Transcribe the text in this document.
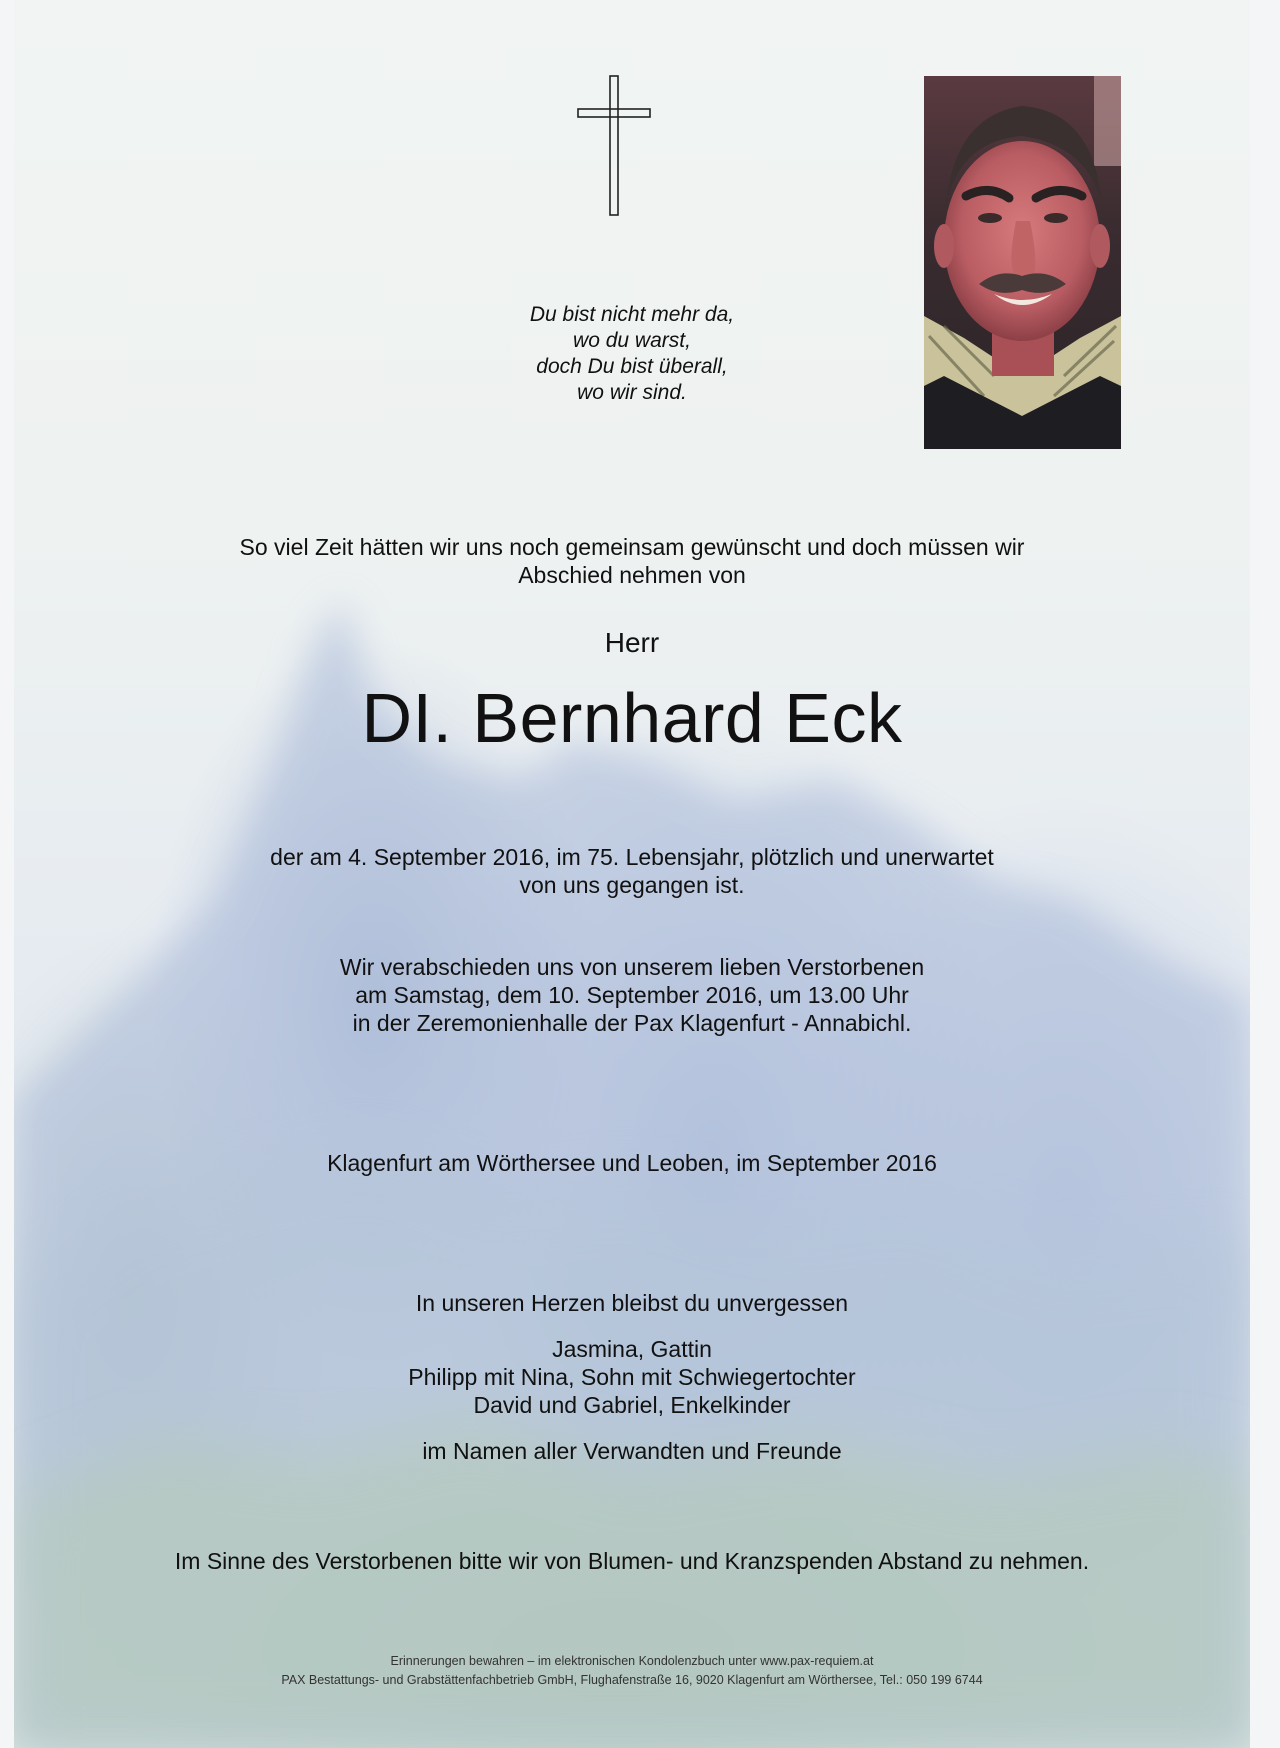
Du bist nicht mehr da,
wo du warst,
doch Du bist überall,
wo wir sind.
So viel Zeit hätten wir uns noch gemeinsam gewünscht und doch müssen wir
Abschied nehmen von
Herr
DI. Bernhard Eck
der am 4. September 2016, im 75. Lebensjahr, plötzlich und unerwartet
von uns gegangen ist.
Wir verabschieden uns von unserem lieben Verstorbenen
am Samstag, dem 10. September 2016, um 13.00 Uhr
in der Zeremonienhalle der Pax Klagenfurt - Annabichl.
Klagenfurt am Wörthersee und Leoben, im September 2016
In unseren Herzen bleibst du unvergessen
Jasmina, Gattin
Philipp mit Nina, Sohn mit Schwiegertochter
David und Gabriel, Enkelkinder
im Namen aller Verwandten und Freunde
Im Sinne des Verstorbenen bitte wir von Blumen- und Kranzspenden Abstand zu nehmen.
Erinnerungen bewahren – im elektronischen Kondolenzbuch unter www.pax-requiem.at
PAX Bestattungs- und Grabstättenfachbetrieb GmbH, Flughafenstraße 16, 9020 Klagenfurt am Wörthersee, Tel.: 050 199 6744
